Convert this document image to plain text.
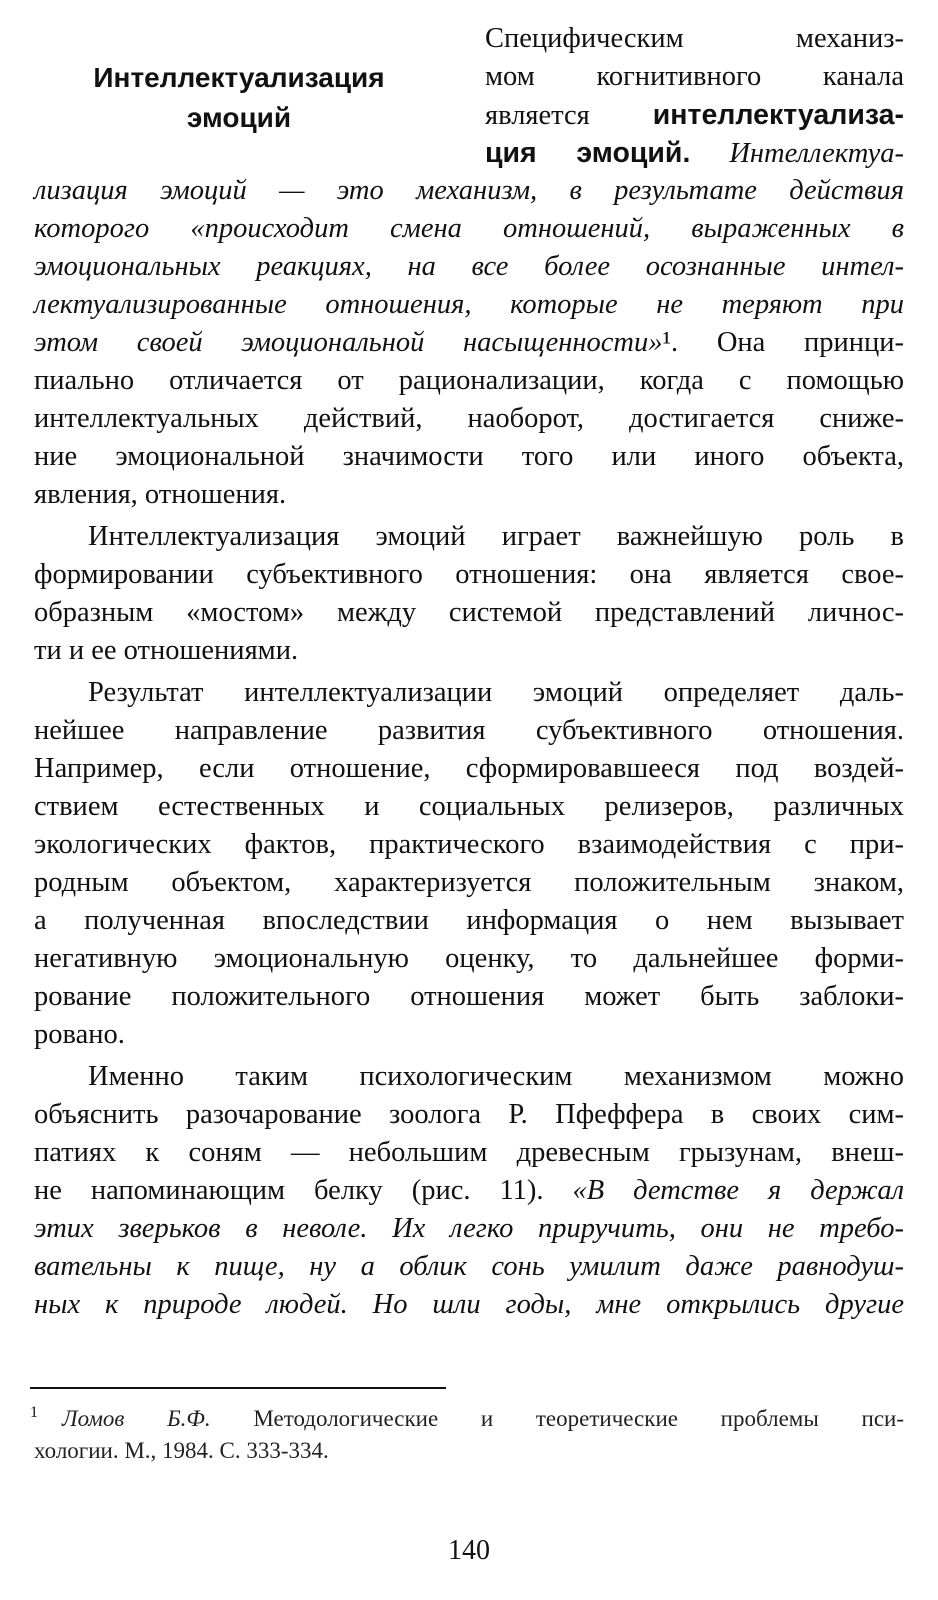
Интеллектуализация
эмоций
Специфическим механиз-
мом когнитивного канала
является интеллектуализа-
ция эмоций. Интеллектуа-
лизация эмоций — это механизм, в результате действия
которого «происходит смена отношений, выраженных в
эмоциональных реакциях, на все более осознанные интел-
лектуализированные отношения, которые не теряют при
этом своей эмоциональной насыщенности»¹. Она принци-
пиально отличается от рационализации, когда с помощью
интеллектуальных действий, наоборот, достигается сниже-
ние эмоциональной значимости того или иного объекта,
явления, отношения.
Интеллектуализация эмоций играет важнейшую роль в
формировании субъективного отношения: она является свое-
образным «мостом» между системой представлений личнос-
ти и ее отношениями.
Результат интеллектуализации эмоций определяет даль-
нейшее направление развития субъективного отношения.
Например, если отношение, сформировавшееся под воздей-
ствием естественных и социальных релизеров, различных
экологических фактов, практического взаимодействия с при-
родным объектом, характеризуется положительным знаком,
а полученная впоследствии информация о нем вызывает
негативную эмоциональную оценку, то дальнейшее форми-
рование положительного отношения может быть заблоки-
ровано.
Именно таким психологическим механизмом можно
объяснить разочарование зоолога Р. Пфеффера в своих сим-
патиях к соням — небольшим древесным грызунам, внеш-
не напоминающим белку (рис. 11). «В детстве я держал
этих зверьков в неволе. Их легко приручить, они не требо-
вательны к пище, ну а облик сонь умилит даже равнодуш-
ных к природе людей. Но шли годы, мне открылись другие
1 Ломов Б.Ф. Методологические и теоретические проблемы пси-
хологии. М., 1984. С. 333-334.
140
